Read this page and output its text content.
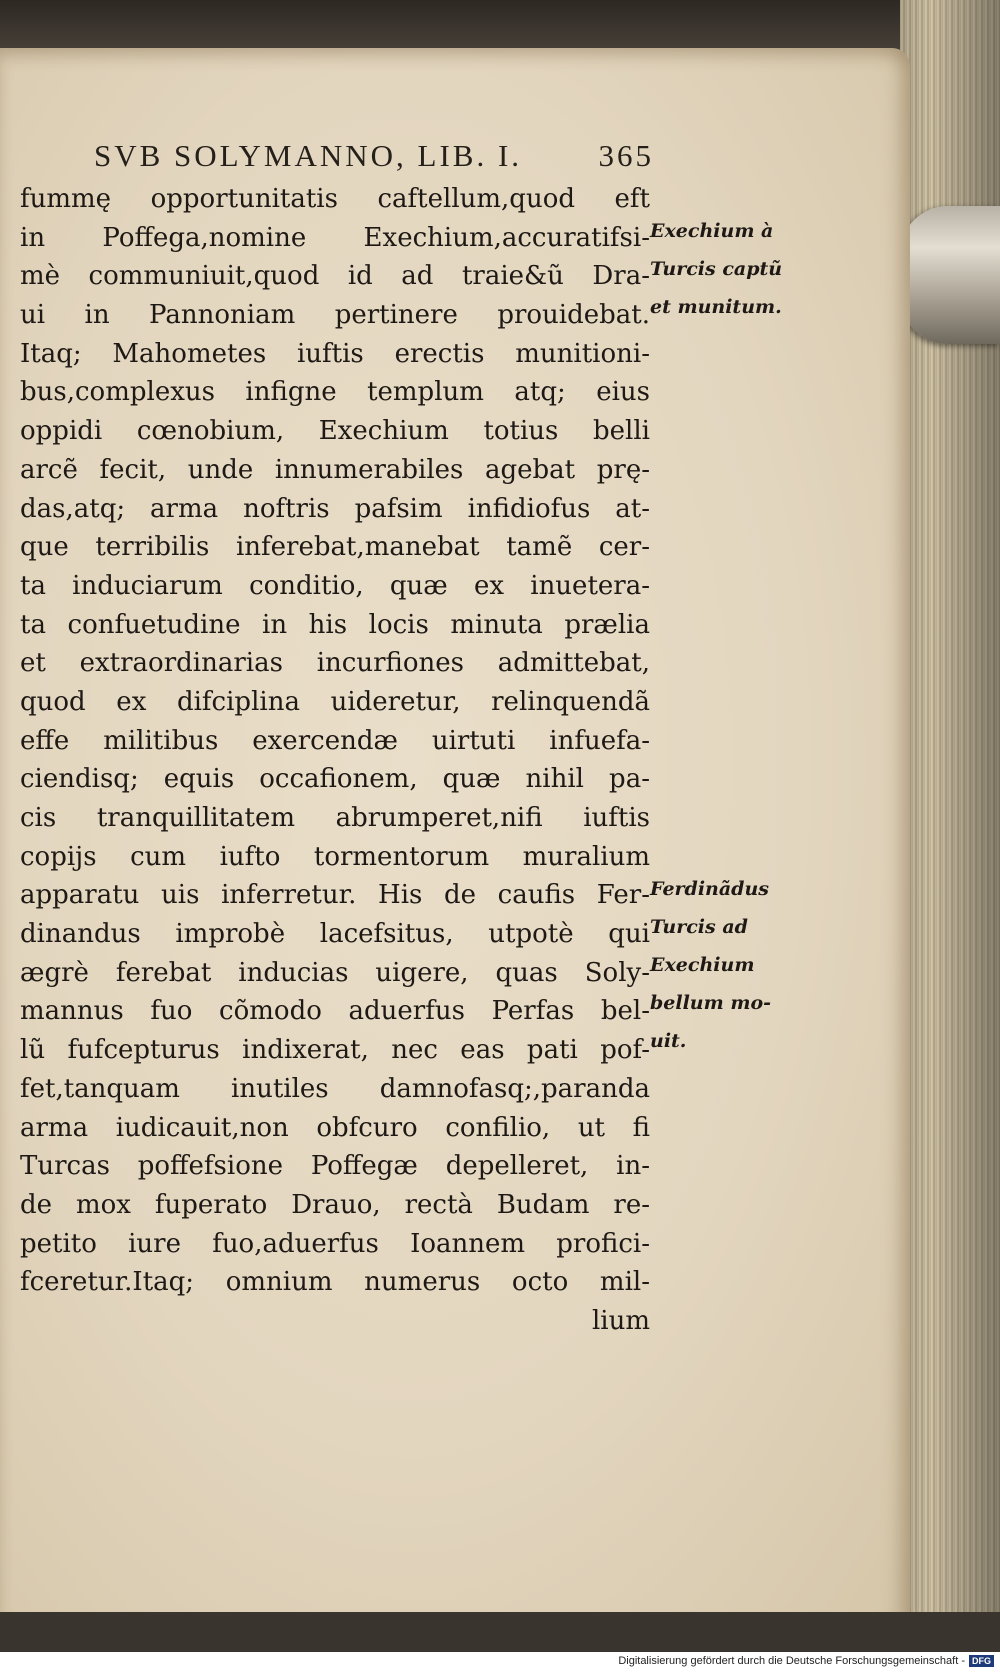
SVB SOLYMANNO, LIB. I. 365
fummę opportunitatis caftellum,quod eft
in Poffega,nomine Exechium,accuratifsi-
mè communiuit,quod id ad traie&ũ Dra-
ui in Pannoniam pertinere prouidebat.
Itaq; Mahometes iuftis erectis munitioni-
bus,complexus infigne templum atq; eius
oppidi cœnobium, Exechium totius belli
arcẽ fecit, unde innumerabiles agebat prę-
das,atq; arma noftris pafsim infidiofus at-
que terribilis inferebat,manebat tamẽ cer-
ta induciarum conditio, quæ ex inuetera-
ta confuetudine in his locis minuta prælia
et extraordinarias incurfiones admittebat,
quod ex difciplina uideretur, relinquendã
effe militibus exercendæ uirtuti infuefa-
ciendisq; equis occafionem, quæ nihil pa-
cis tranquillitatem abrumperet,nifi iuftis
copijs cum iufto tormentorum muralium
apparatu uis inferretur. His de caufis Fer-
dinandus improbè lacefsitus, utpotè qui
ægrè ferebat inducias uigere, quas Soly-
mannus fuo cõmodo aduerfus Perfas bel-
lũ fufcepturus indixerat, nec eas pati pof-
fet,tanquam inutiles damnofasq;,paranda
arma iudicauit,non obfcuro confilio, ut fi
Turcas poffefsione Poffegæ depelleret, in-
de mox fuperato Drauo, rectà Budam re-
petito iure fuo,aduerfus Ioannem profici-
fceretur.Itaq; omnium numerus octo mil-
lium
Exechium à
Turcis captũ
et munitum.
Ferdinãdus
Turcis ad
Exechium
bellum mo-
uit.
Digitalisierung gefördert durch die Deutsche Forschungsgemeinschaft - DFG
